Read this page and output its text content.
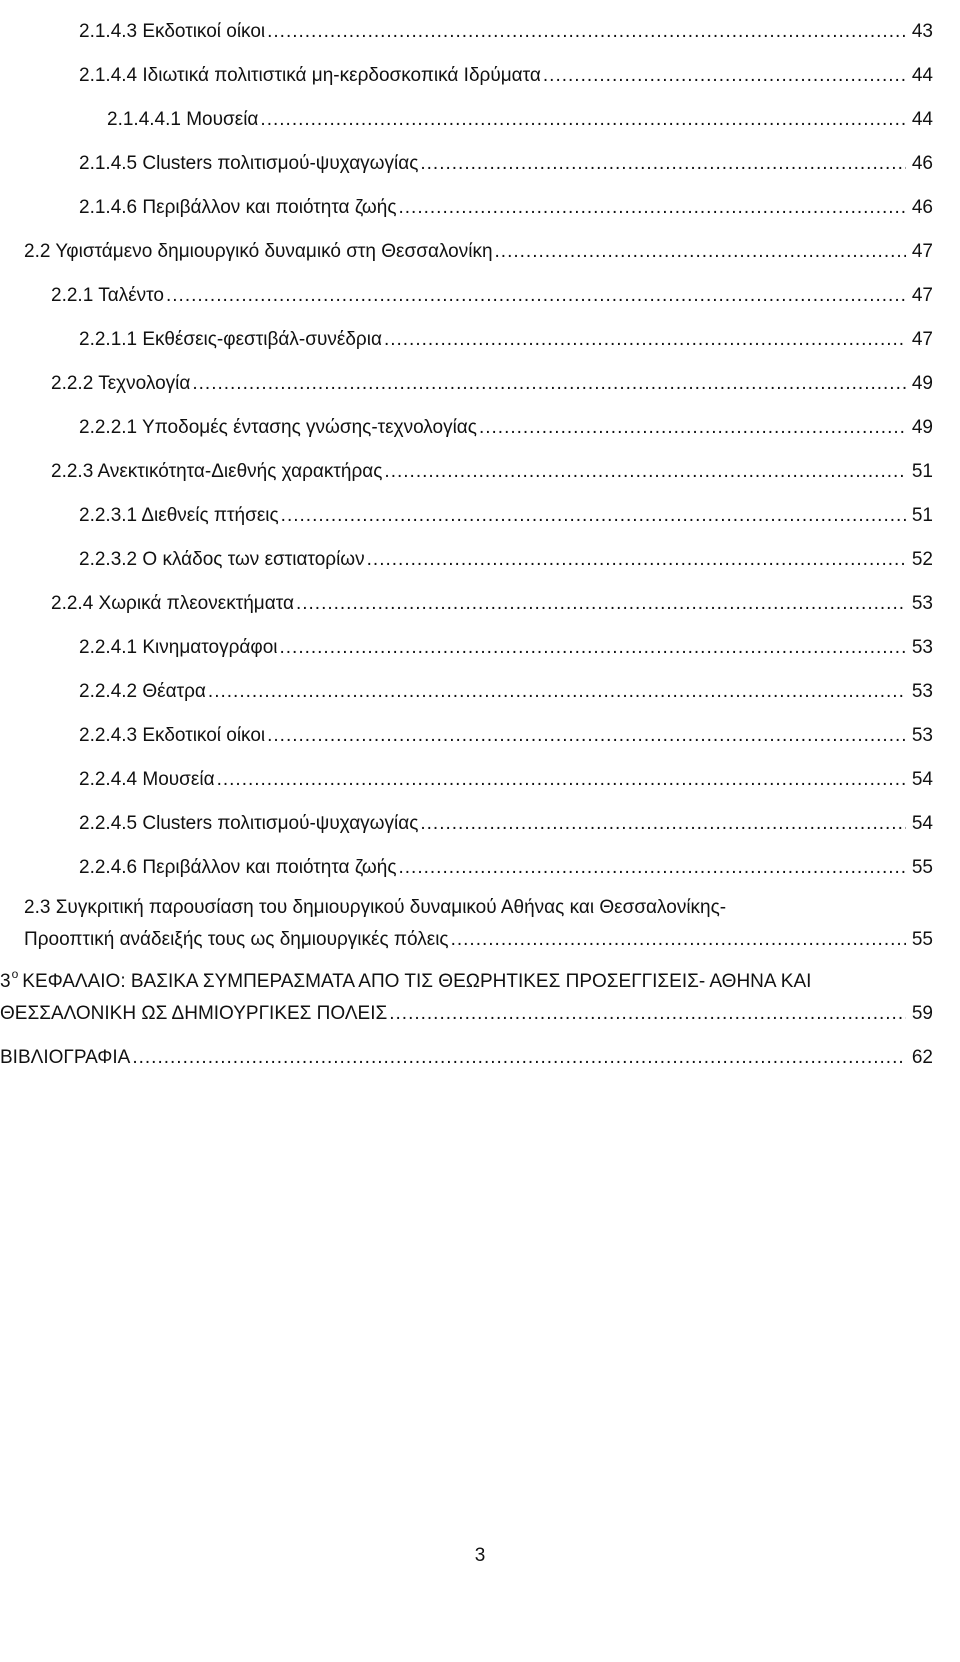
2.1.4.3 Εκδοτικοί οίκοι .....	43
2.1.4.4 Ιδιωτικά πολιτιστικά μη-κερδοσκοπικά Ιδρύματα .....	44
2.1.4.4.1 Μουσεία .....	44
2.1.4.5 Clusters πολιτισμού-ψυχαγωγίας .....	46
2.1.4.6 Περιβάλλον και ποιότητα ζωής .....	46
2.2 Υφιστάμενο δημιουργικό δυναμικό στη Θεσσαλονίκη .....	47
2.2.1 Ταλέντο .....	47
2.2.1.1 Εκθέσεις-φεστιβάλ-συνέδρια .....	47
2.2.2 Τεχνολογία .....	49
2.2.2.1 Υποδομές έντασης γνώσης-τεχνολογίας .....	49
2.2.3 Ανεκτικότητα-Διεθνής χαρακτήρας .....	51
2.2.3.1 Διεθνείς πτήσεις .....	51
2.2.3.2 Ο κλάδος των εστιατορίων .....	52
2.2.4 Χωρικά πλεονεκτήματα .....	53
2.2.4.1 Κινηματογράφοι .....	53
2.2.4.2 Θέατρα .....	53
2.2.4.3 Εκδοτικοί οίκοι .....	53
2.2.4.4 Μουσεία .....	54
2.2.4.5 Clusters πολιτισμού-ψυχαγωγίας .....	54
2.2.4.6 Περιβάλλον και ποιότητα ζωής .....	55
2.3 Συγκριτική παρουσίαση του δημιουργικού δυναμικού Αθήνας και Θεσσαλονίκης-
Προοπτική ανάδειξής τους ως δημιουργικές πόλεις .....	55
$3^o$ ΚΕΦΑΛΑΙΟ: ΒΑΣΙΚΑ ΣΥΜΠΕΡΑΣΜΑΤΑ ΑΠΟ ΤΙΣ ΘΕΩΡΗΤΙΚΕΣ ΠΡΟΣΕΓΓΙΣΕΙΣ- ΑΘΗΝΑ ΚΑΙ
ΘΕΣΣΑΛΟΝΙΚΗ ΩΣ ΔΗΜΙΟΥΡΓΙΚΕΣ ΠΟΛΕΙΣ .....	59
ΒΙΒΛΙΟΓΡΑΦΙΑ .....	62
3
